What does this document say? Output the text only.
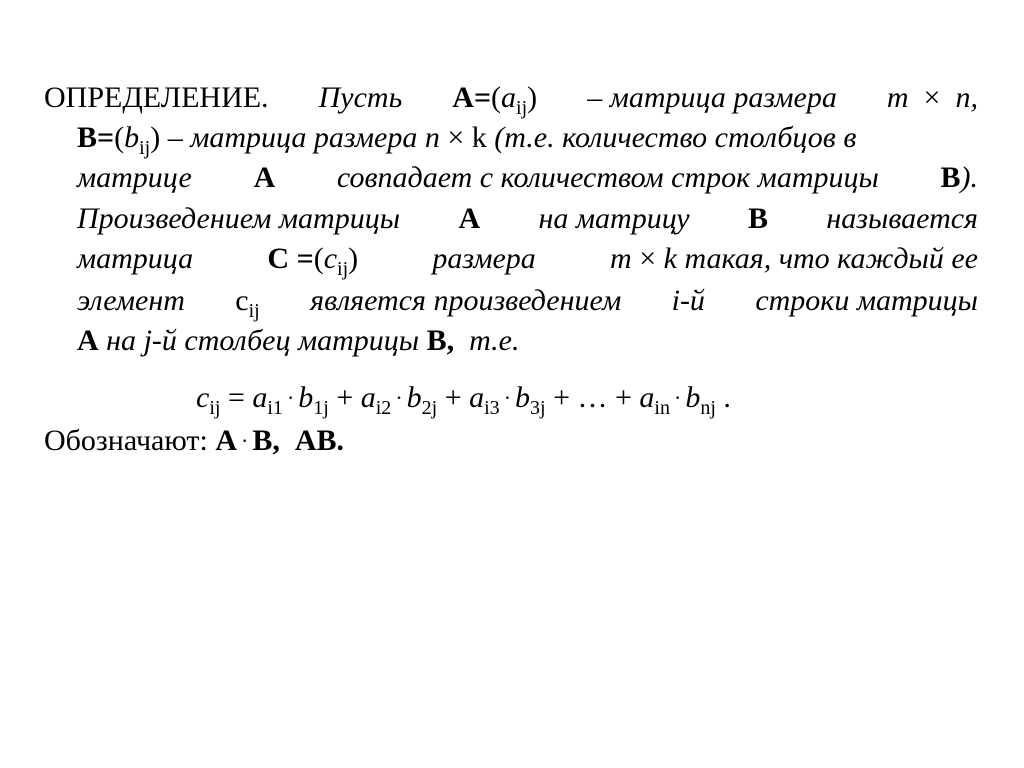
ОПРЕДЕЛЕНИЕ. Пусть $A=(a_{ij})$ – матрица размера m × n,
$B=(b_{ij})$ – матрица размера n × k (т.е. количество столбцов в
матрице A совпадает с количеством строк матрицы B).
Произведением матрицы A на матрицу B называется
матрица $C =(c_{ij})$ размера m × k такая, что каждый ее
элемент $c_{ij}$ является произведением i-й строки матрицы
A на j-й столбец матрицы B, т.е.
$c_{ij} = a_{i1} \cdot b_{1j} + a_{i2} \cdot b_{2j} + a_{i3} \cdot b_{3j}$ + … + $a_{in} \cdot b_{nj}$ .
Обозначают: A · B, AB.
